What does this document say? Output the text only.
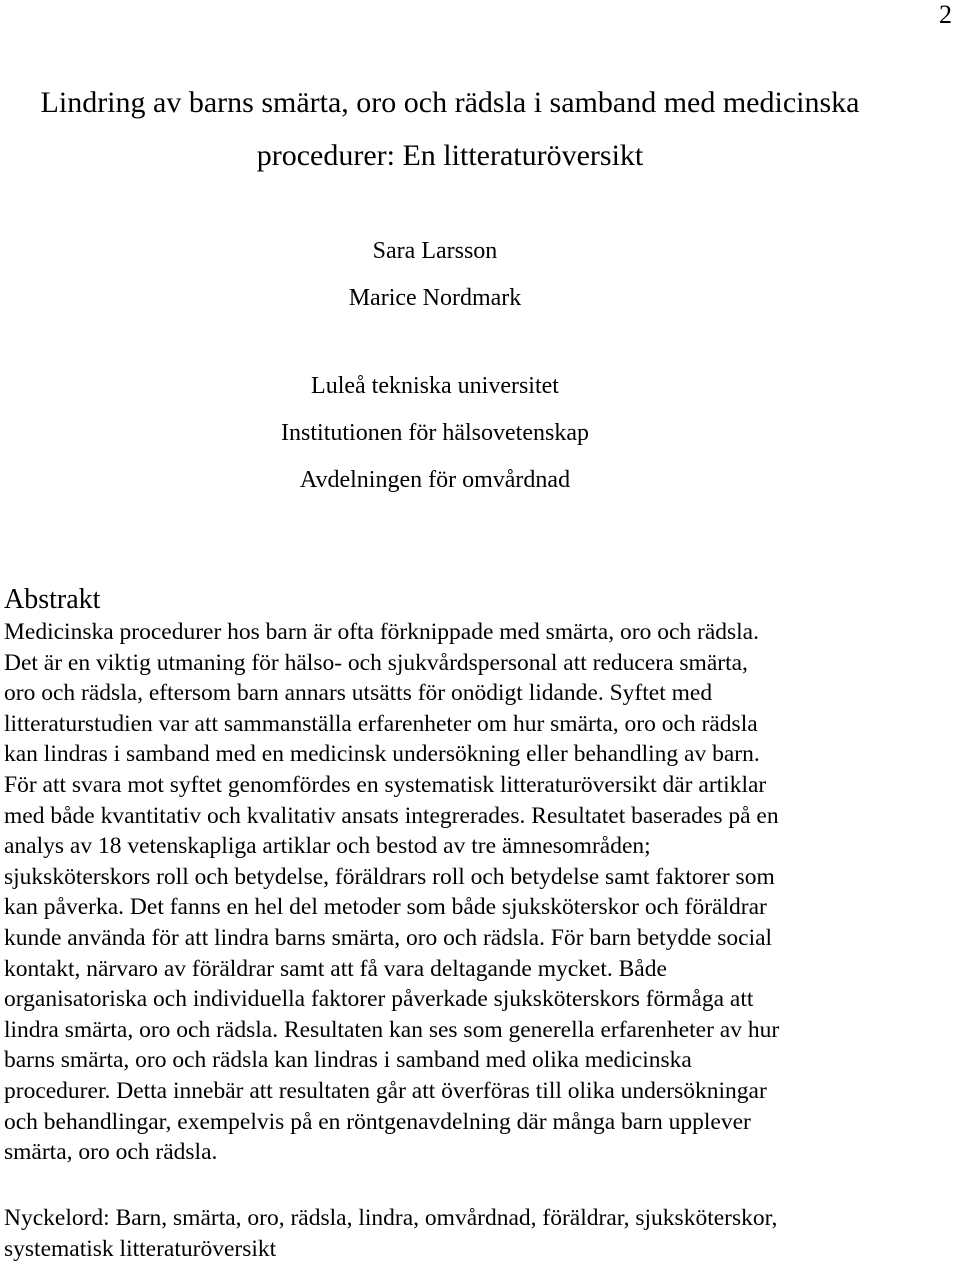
2
Lindring av barns smärta, oro och rädsla i samband med medicinska
procedurer: En litteraturöversikt
Sara Larsson
Marice Nordmark
Luleå tekniska universitet
Institutionen för hälsovetenskap
Avdelningen för omvårdnad
Abstrakt

Medicinska procedurer hos barn är ofta förknippade med smärta, oro och rädsla.
Det är en viktig utmaning för hälso- och sjukvårdspersonal att reducera smärta,
oro och rädsla, eftersom barn annars utsätts för onödigt lidande. Syftet med
litteraturstudien var att sammanställa erfarenheter om hur smärta, oro och rädsla
kan lindras i samband med en medicinsk undersökning eller behandling av barn.
För att svara mot syftet genomfördes en systematisk litteraturöversikt där artiklar
med både kvantitativ och kvalitativ ansats integrerades. Resultatet baserades på en
analys av 18 vetenskapliga artiklar och bestod av tre ämnesområden;
sjuksköterskors roll och betydelse, föräldrars roll och betydelse samt faktorer som
kan påverka. Det fanns en hel del metoder som både sjuksköterskor och föräldrar
kunde använda för att lindra barns smärta, oro och rädsla. För barn betydde social
kontakt, närvaro av föräldrar samt att få vara deltagande mycket. Både
organisatoriska och individuella faktorer påverkade sjuksköterskors förmåga att
lindra smärta, oro och rädsla. Resultaten kan ses som generella erfarenheter av hur
barns smärta, oro och rädsla kan lindras i samband med olika medicinska
procedurer. Detta innebär att resultaten går att överföras till olika undersökningar
och behandlingar, exempelvis på en röntgenavdelning där många barn upplever
smärta, oro och rädsla.

Nyckelord: Barn, smärta, oro, rädsla, lindra, omvårdnad, föräldrar, sjuksköterskor,
systematisk litteraturöversikt
